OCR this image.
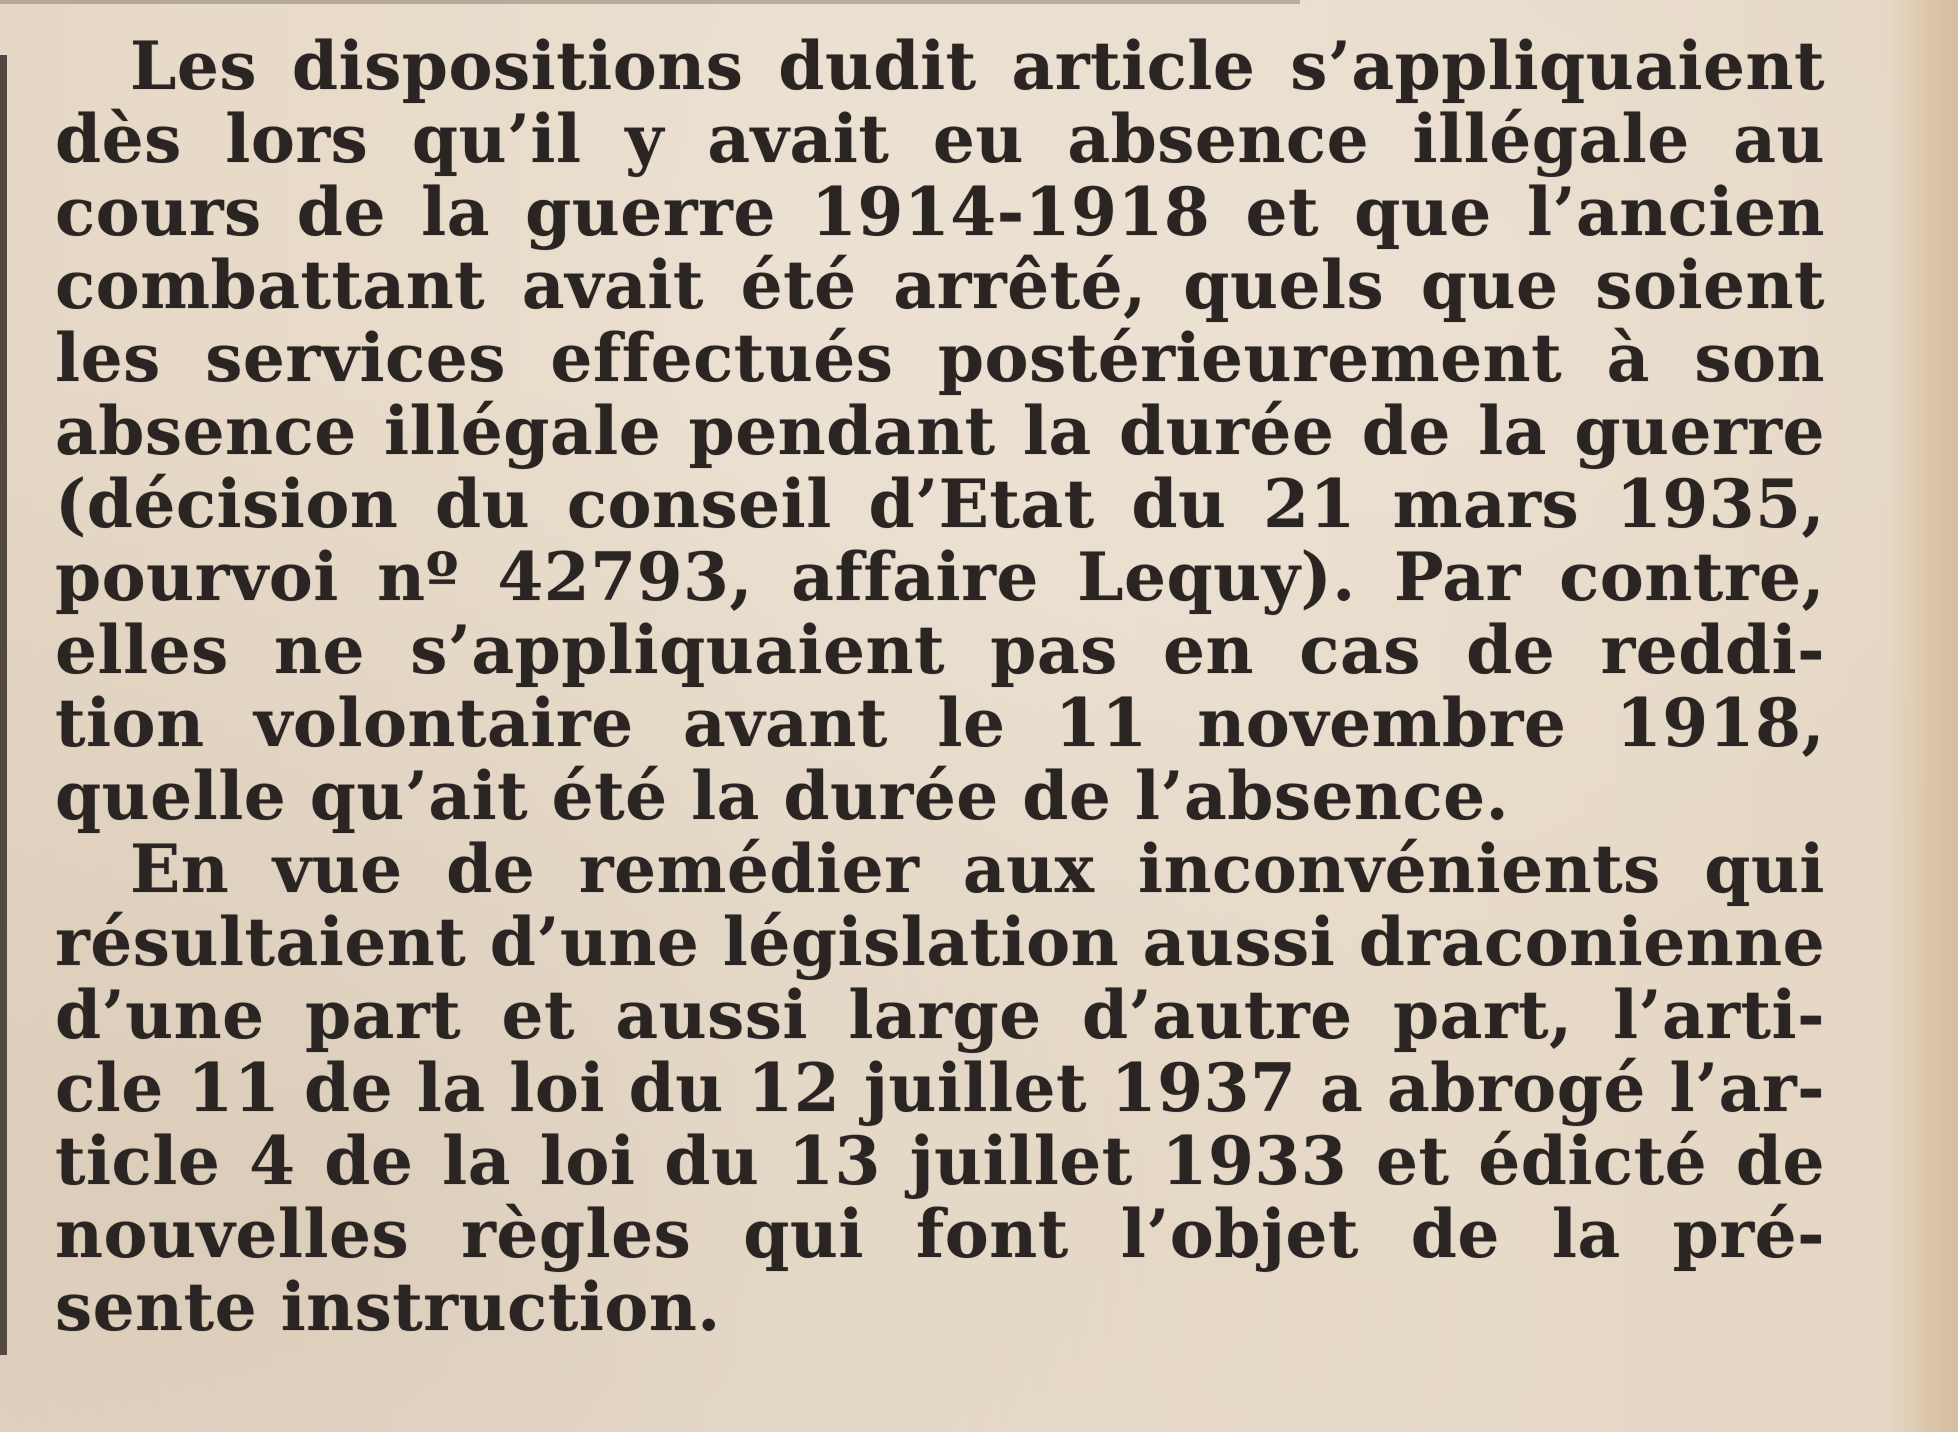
Les dispositions dudit article s’appliquaient
dès lors qu’il y avait eu absence illégale au
cours de la guerre 1914-1918 et que l’ancien
combattant avait été arrêté, quels que soient
les services effectués postérieurement à son
absence illégale pendant la durée de la guerre
(décision du conseil d’Etat du 21 mars 1935,
pourvoi nº 42793, affaire Lequy). Par contre,
elles ne s’appliquaient pas en cas de reddi-
tion volontaire avant le 11 novembre 1918,
quelle qu’ait été la durée de l’absence.
En vue de remédier aux inconvénients qui
résultaient d’une législation aussi draconienne
d’une part et aussi large d’autre part, l’arti-
cle 11 de la loi du 12 juillet 1937 a abrogé l’ar-
ticle 4 de la loi du 13 juillet 1933 et édicté de
nouvelles règles qui font l’objet de la pré-
sente instruction.
